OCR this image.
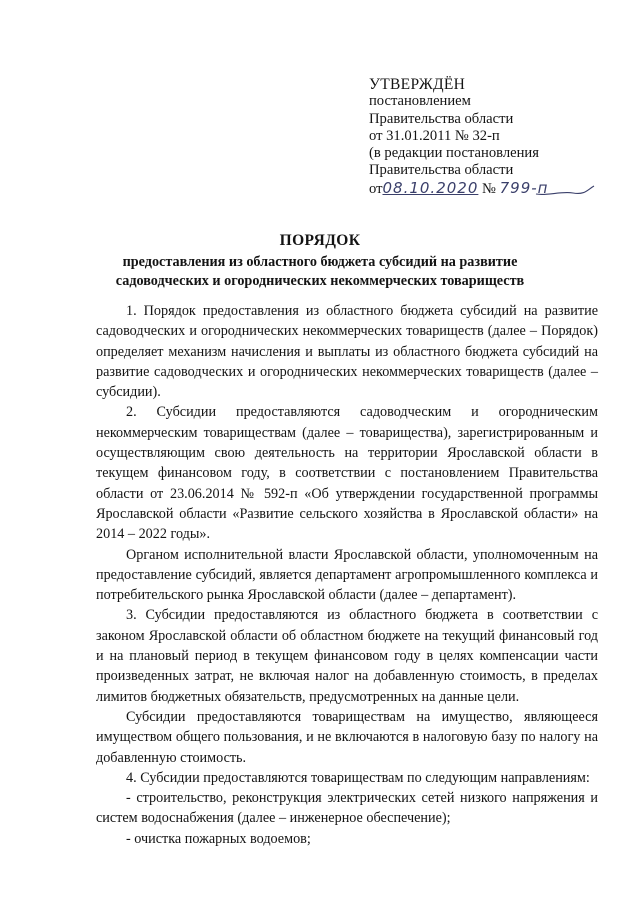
УТВЕРЖДЁН
постановлением
Правительства области
от 31.01.2011 № 32-п
(в редакции постановления
Правительства области
от08.10.2020 № 799-п
ПОРЯДОК
предоставления из областного бюджета субсидий на развитие
садоводческих и огороднических некоммерческих товариществ

1. Порядок предоставления из областного бюджета субсидий на развитие садоводческих и огороднических некоммерческих товариществ (далее – Порядок) определяет механизм начисления и выплаты из областного бюджета субсидий на развитие садоводческих и огороднических некоммерческих товариществ (далее – субсидии).

2. Субсидии предоставляются садоводческим и огородническим некоммерческим товариществам (далее – товарищества), зарегистрированным и осуществляющим свою деятельность на территории Ярославской области в текущем финансовом году, в соответствии с постановлением Правительства области от 23.06.2014 № 592-п «Об утверждении государственной программы Ярославской области «Развитие сельского хозяйства в Ярославской области» на 2014 – 2022 годы».

Органом исполнительной власти Ярославской области, уполномоченным на предоставление субсидий, является департамент агропромышленного комплекса и потребительского рынка Ярославской области (далее – департамент).

3. Субсидии предоставляются из областного бюджета в соответствии с законом Ярославской области об областном бюджете на текущий финансовый год и на плановый период в текущем финансовом году в целях компенсации части произведенных затрат, не включая налог на добавленную стоимость, в пределах лимитов бюджетных обязательств, предусмотренных на данные цели.

Субсидии предоставляются товариществам на имущество, являющееся имуществом общего пользования, и не включаются в налоговую базу по налогу на добавленную стоимость.

4. Субсидии предоставляются товариществам по следующим направлениям:

- строительство, реконструкция электрических сетей низкого напряжения и систем водоснабжения (далее – инженерное обеспечение);

- очистка пожарных водоемов;
